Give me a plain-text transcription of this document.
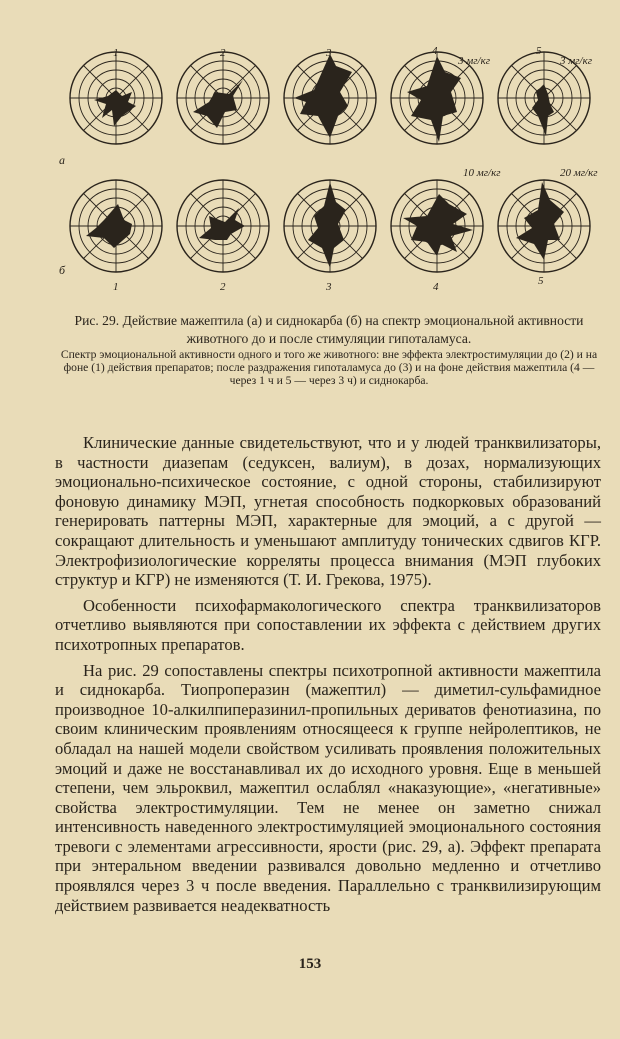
а
б
1	2	3	4	5
3 мг/кг	3 мг/кг
1	2	3	4	5
10 мг/кг	20 мг/кг
Рис. 29. Действие мажептила (а) и сиднокарба (б) на спектр эмоциональной активности животного до и после стимуляции гипоталамуса.
Спектр эмоциональной активности одного и того же животного: вне эффекта электростимуляции до (2) и на фоне (1) действия препаратов; после раздражения гипоталамуса до (3) и на фоне действия мажептила (4 — через 1 ч и 5 — через 3 ч) и сиднокарба.

Клинические данные свидетельствуют, что и у людей транквилизаторы, в частности диазепам (седуксен, валиум), в дозах, нормализующих эмоционально-психическое состояние, с одной стороны, стабилизируют фоновую динамику МЭП, угнетая способность подкорковых образований генерировать паттерны МЭП, характерные для эмоций, а с другой — сокращают длительность и уменьшают амплитуду тонических сдвигов КГР. Электрофизиологические корреляты процесса внимания (МЭП глубоких структур и КГР) не изменяются (Т. И. Грекова, 1975).

Особенности психофармакологического спектра транквилизаторов отчетливо выявляются при сопоставлении их эффекта с действием других психотропных препаратов.

На рис. 29 сопоставлены спектры психотропной активности мажептила и сиднокарба. Тиопроперазин (мажептил) — диметил-сульфамидное производное 10-алкилпиперазинил-пропильных дериватов фенотиазина, по своим клиническим проявлениям относящееся к группе нейролептиков, не обладал на нашей модели свойством усиливать проявления положительных эмоций и даже не восстанавливал их до исходного уровня. Еще в меньшей степени, чем эльроквил, мажептил ослаблял «наказующие», «негативные» свойства электростимуляции. Тем не менее он заметно снижал интенсивность наведенного электростимуляцией эмоционального состояния тревоги с элементами агрессивности, ярости (рис. 29, а). Эффект препарата при энтеральном введении развивался довольно медленно и отчетливо проявлялся через 3 ч после введения. Параллельно с транквилизирующим действием развивается неадекватность

153
